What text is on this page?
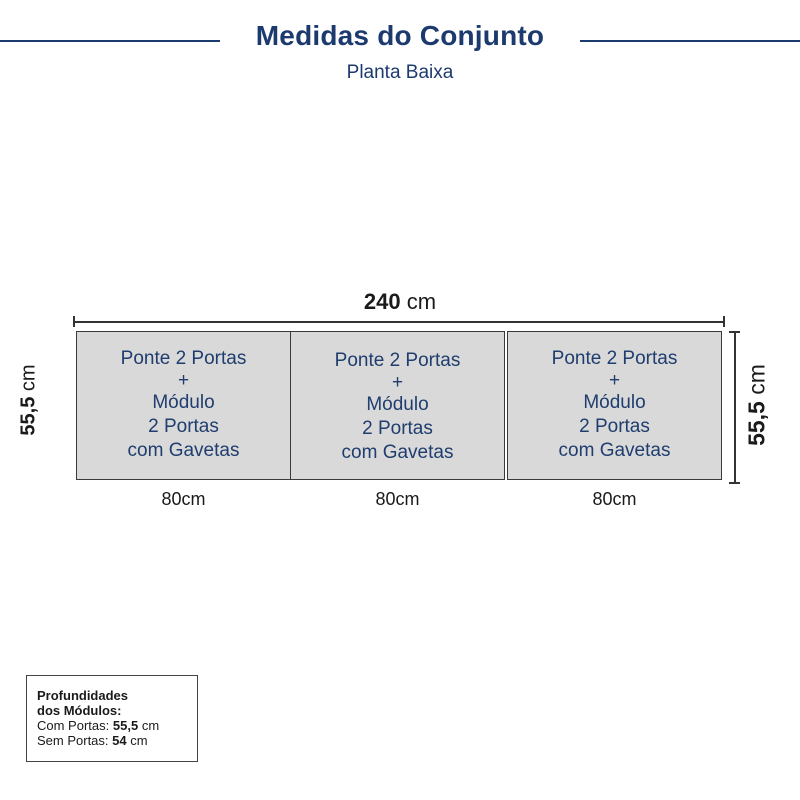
Medidas do Conjunto
Planta Baixa
240 cm
55,5 cm
55,5 cm
Ponte 2 Portas
+
Módulo
2 Portas
com Gavetas
Ponte 2 Portas
+
Módulo
2 Portas
com Gavetas
Ponte 2 Portas
+
Módulo
2 Portas
com Gavetas
80cm	80cm	80cm
Profundidades
dos Módulos:
Com Portas: 55,5 cm
Sem Portas: 54 cm
